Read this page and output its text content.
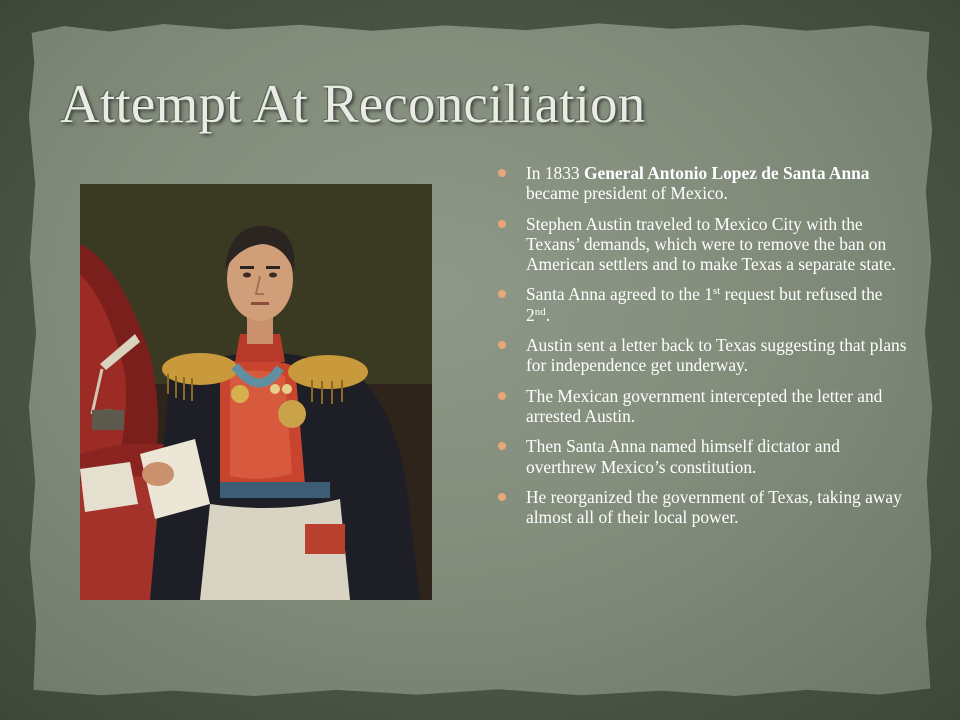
Attempt At Reconciliation
In 1833 General Antonio Lopez de Santa Anna became president of Mexico.
Stephen Austin traveled to Mexico City with the Texans’ demands, which were to remove the ban on American settlers and to make Texas a separate state.
Santa Anna agreed to the 1st request but refused the 2nd.
Austin sent a letter back to Texas suggesting that plans for independence get underway.
The Mexican government intercepted the letter and arrested Austin.
Then Santa Anna named himself dictator and overthrew Mexico’s constitution.
He reorganized the government of Texas, taking away almost all of their local power.
